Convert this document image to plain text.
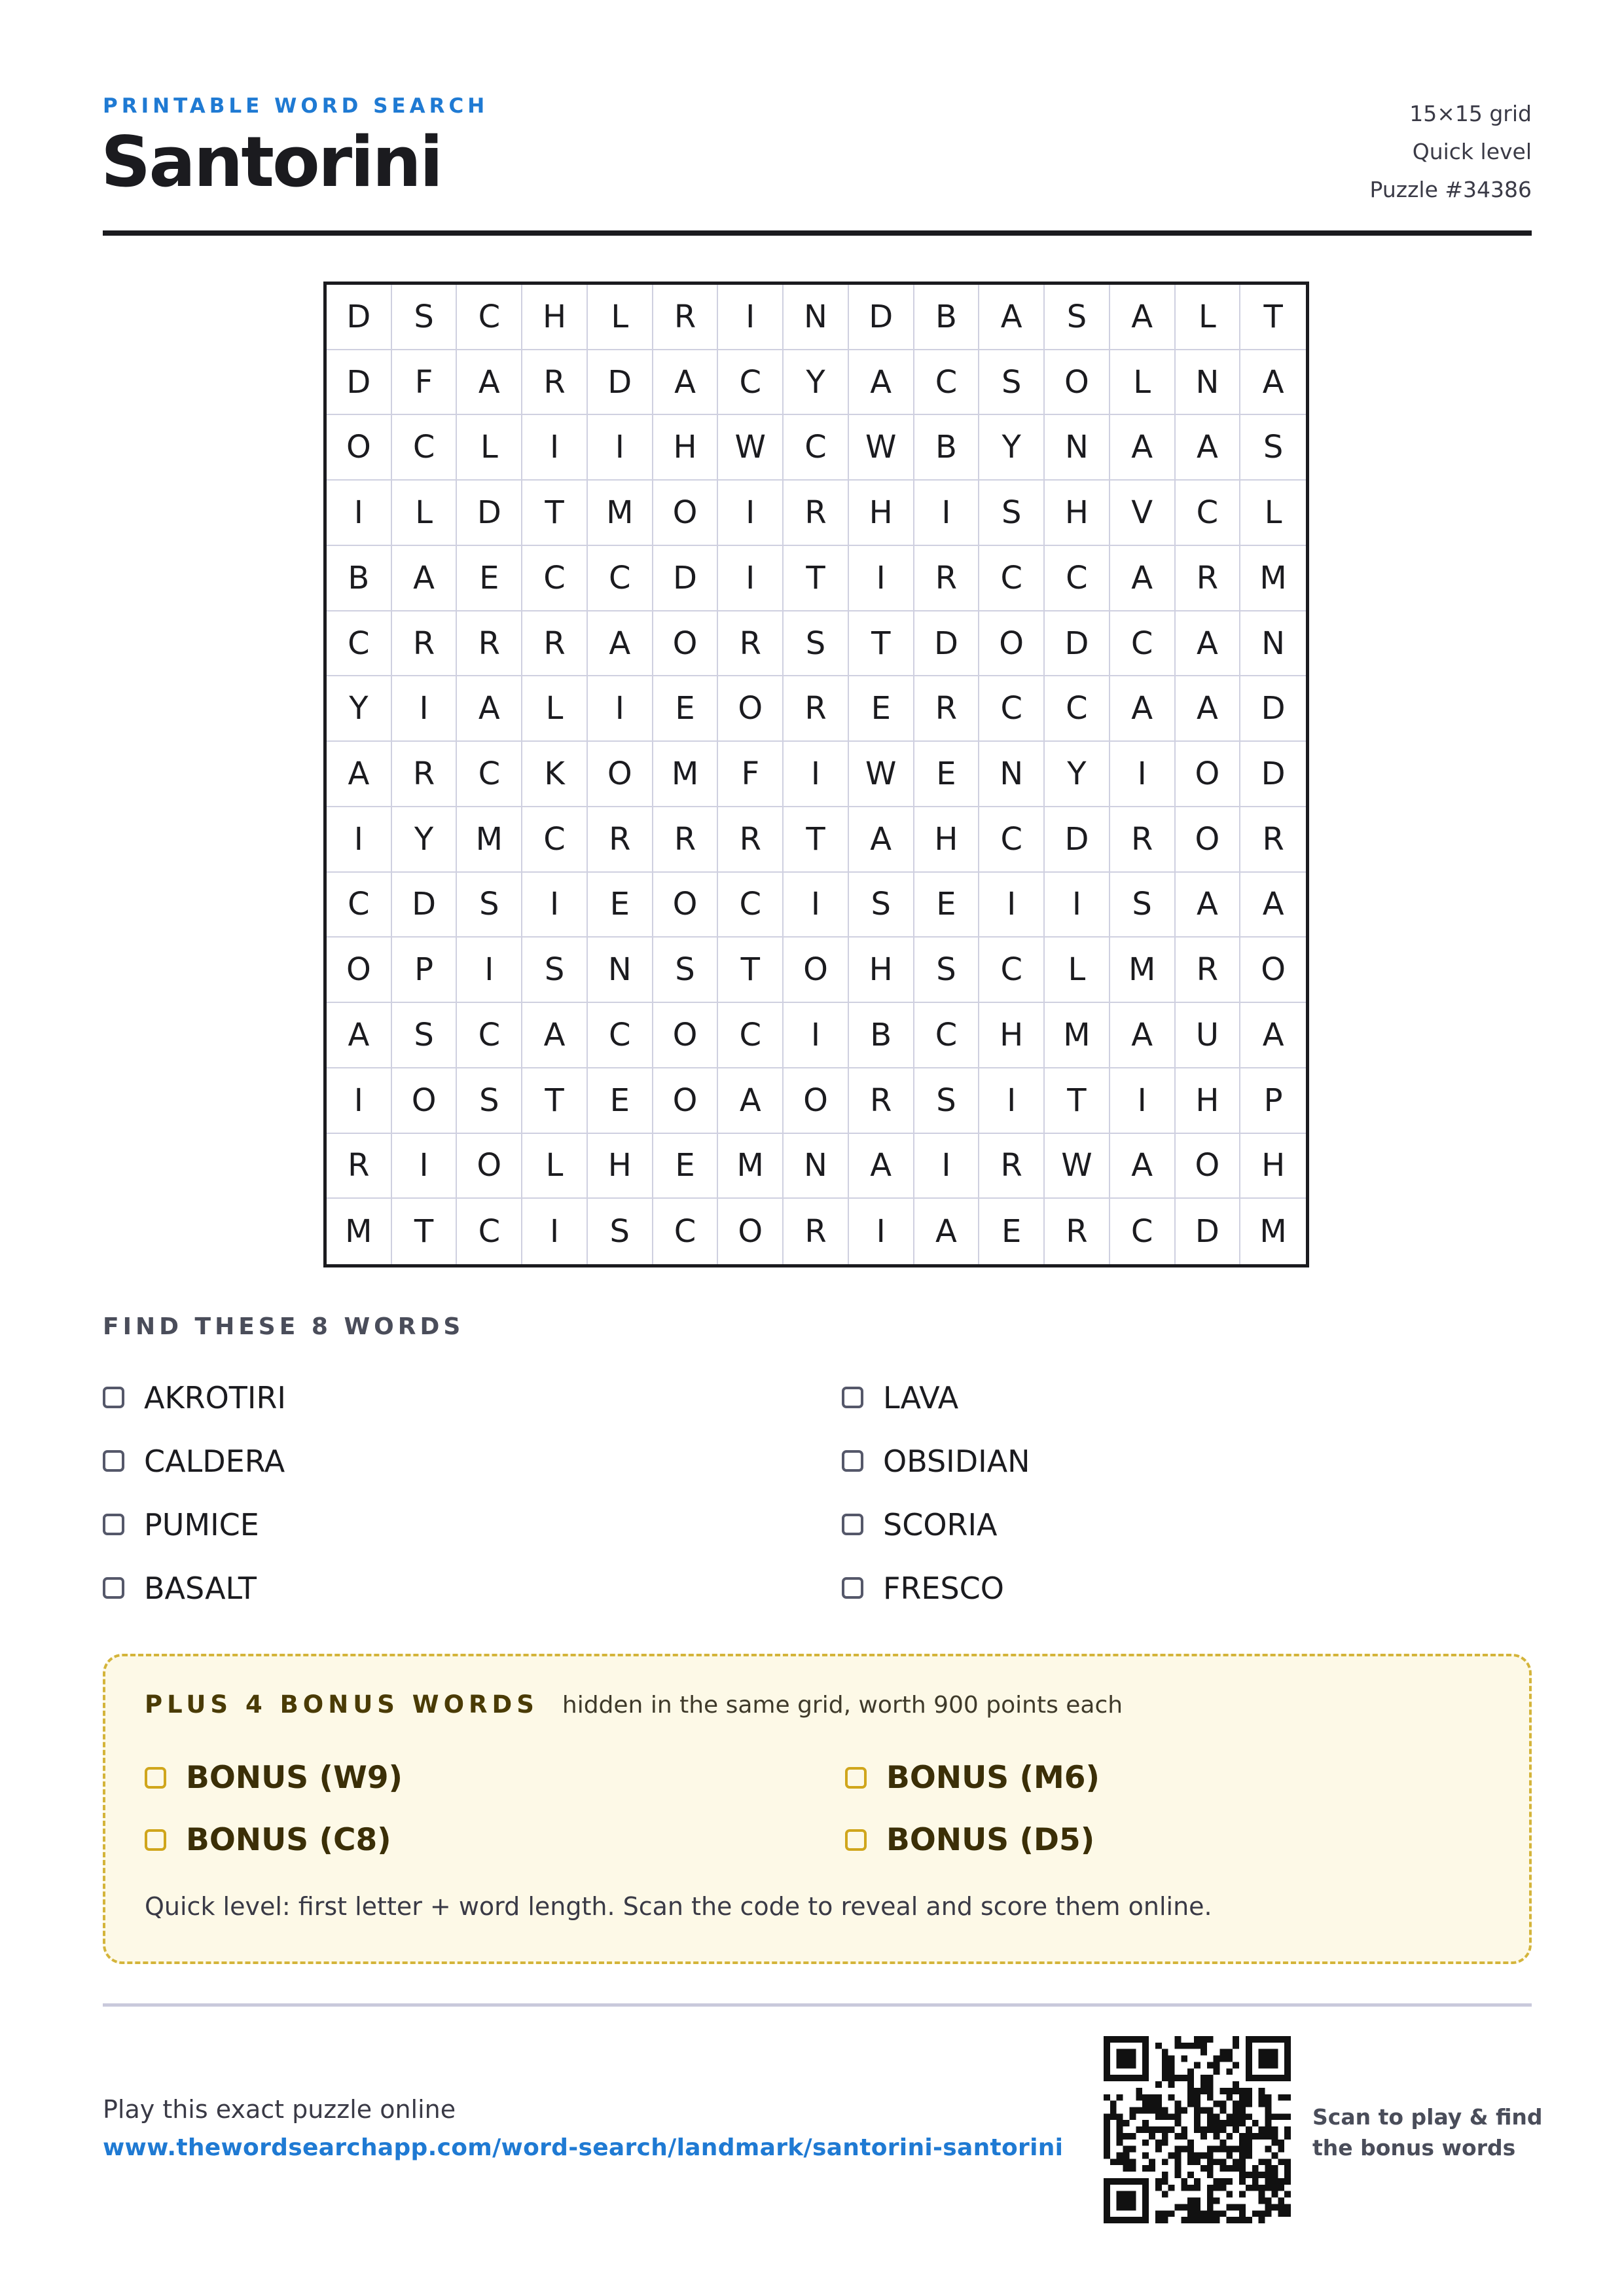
PRINTABLE WORD SEARCH
Santorini
15×15 grid
Quick level
Puzzle #34386
D	S	C	H	L	R	I	N	D	B	A	S	A	L	T
D	F	A	R	D	A	C	Y	A	C	S	O	L	N	A
O	C	L	I	I	H	W	C	W	B	Y	N	A	A	S
I	L	D	T	M	O	I	R	H	I	S	H	V	C	L
B	A	E	C	C	D	I	T	I	R	C	C	A	R	M
C	R	R	R	A	O	R	S	T	D	O	D	C	A	N
Y	I	A	L	I	E	O	R	E	R	C	C	A	A	D
A	R	C	K	O	M	F	I	W	E	N	Y	I	O	D
I	Y	M	C	R	R	R	T	A	H	C	D	R	O	R
C	D	S	I	E	O	C	I	S	E	I	I	S	A	A
O	P	I	S	N	S	T	O	H	S	C	L	M	R	O
A	S	C	A	C	O	C	I	B	C	H	M	A	U	A
I	O	S	T	E	O	A	O	R	S	I	T	I	H	P
R	I	O	L	H	E	M	N	A	I	R	W	A	O	H
M	T	C	I	S	C	O	R	I	A	E	R	C	D	M
FIND THESE 8 WORDS
AKROTIRI	LAVA
CALDERA	OBSIDIAN
PUMICE	SCORIA
BASALT	FRESCO
PLUS 4 BONUS WORDS hidden in the same grid, worth 900 points each
BONUS (W9)	BONUS (M6)
BONUS (C8)	BONUS (D5)
Quick level: first letter + word length. Scan the code to reveal and score them online.
Play this exact puzzle online
www.thewordsearchapp.com/word-search/landmark/santorini-santorini
Scan to play & find
the bonus words
